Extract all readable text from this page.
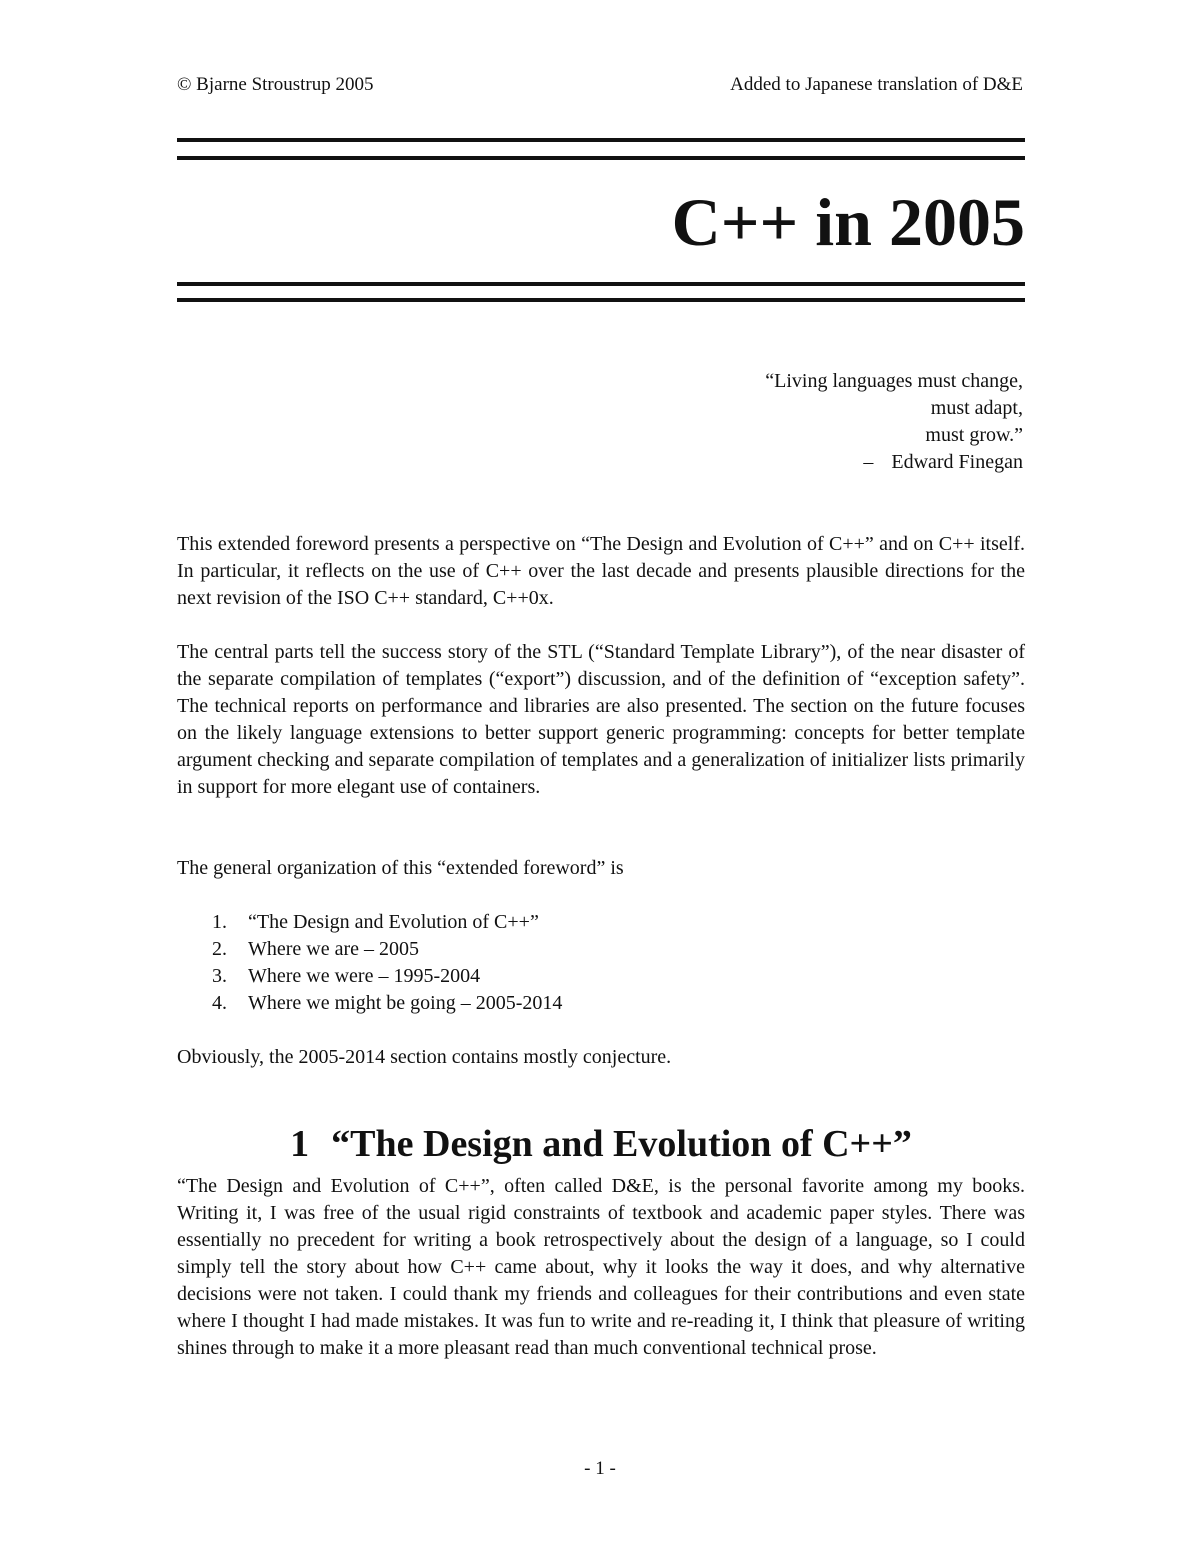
© Bjarne Stroustrup 2005	Added to Japanese translation of D&E
C++ in 2005
“Living languages must change,
must adapt,
must grow.”
– Edward Finegan

This extended foreword presents a perspective on “The Design and Evolution of C++” and on C++ itself. In particular, it reflects on the use of C++ over the last decade and presents plausible directions for the next revision of the ISO C++ standard, C++0x.

The central parts tell the success story of the STL (“Standard Template Library”), of the near disaster of the separate compilation of templates (“export”) discussion, and of the definition of “exception safety”. The technical reports on performance and libraries are also presented. The section on the future focuses on the likely language extensions to better support generic programming: concepts for better template argument checking and separate compilation of templates and a generalization of initializer lists primarily in support for more elegant use of containers.

The general organization of this “extended foreword” is

1. “The Design and Evolution of C++”
2. Where we are – 2005
3. Where we were – 1995-2004
4. Where we might be going – 2005-2014

Obviously, the 2005-2014 section contains mostly conjecture.

1 “The Design and Evolution of C++”

“The Design and Evolution of C++”, often called D&E, is the personal favorite among my books. Writing it, I was free of the usual rigid constraints of textbook and academic paper styles. There was essentially no precedent for writing a book retrospectively about the design of a language, so I could simply tell the story about how C++ came about, why it looks the way it does, and why alternative decisions were not taken. I could thank my friends and colleagues for their contributions and even state where I thought I had made mistakes. It was fun to write and re-reading it, I think that pleasure of writing shines through to make it a more pleasant read than much conventional technical prose.

- 1 -
